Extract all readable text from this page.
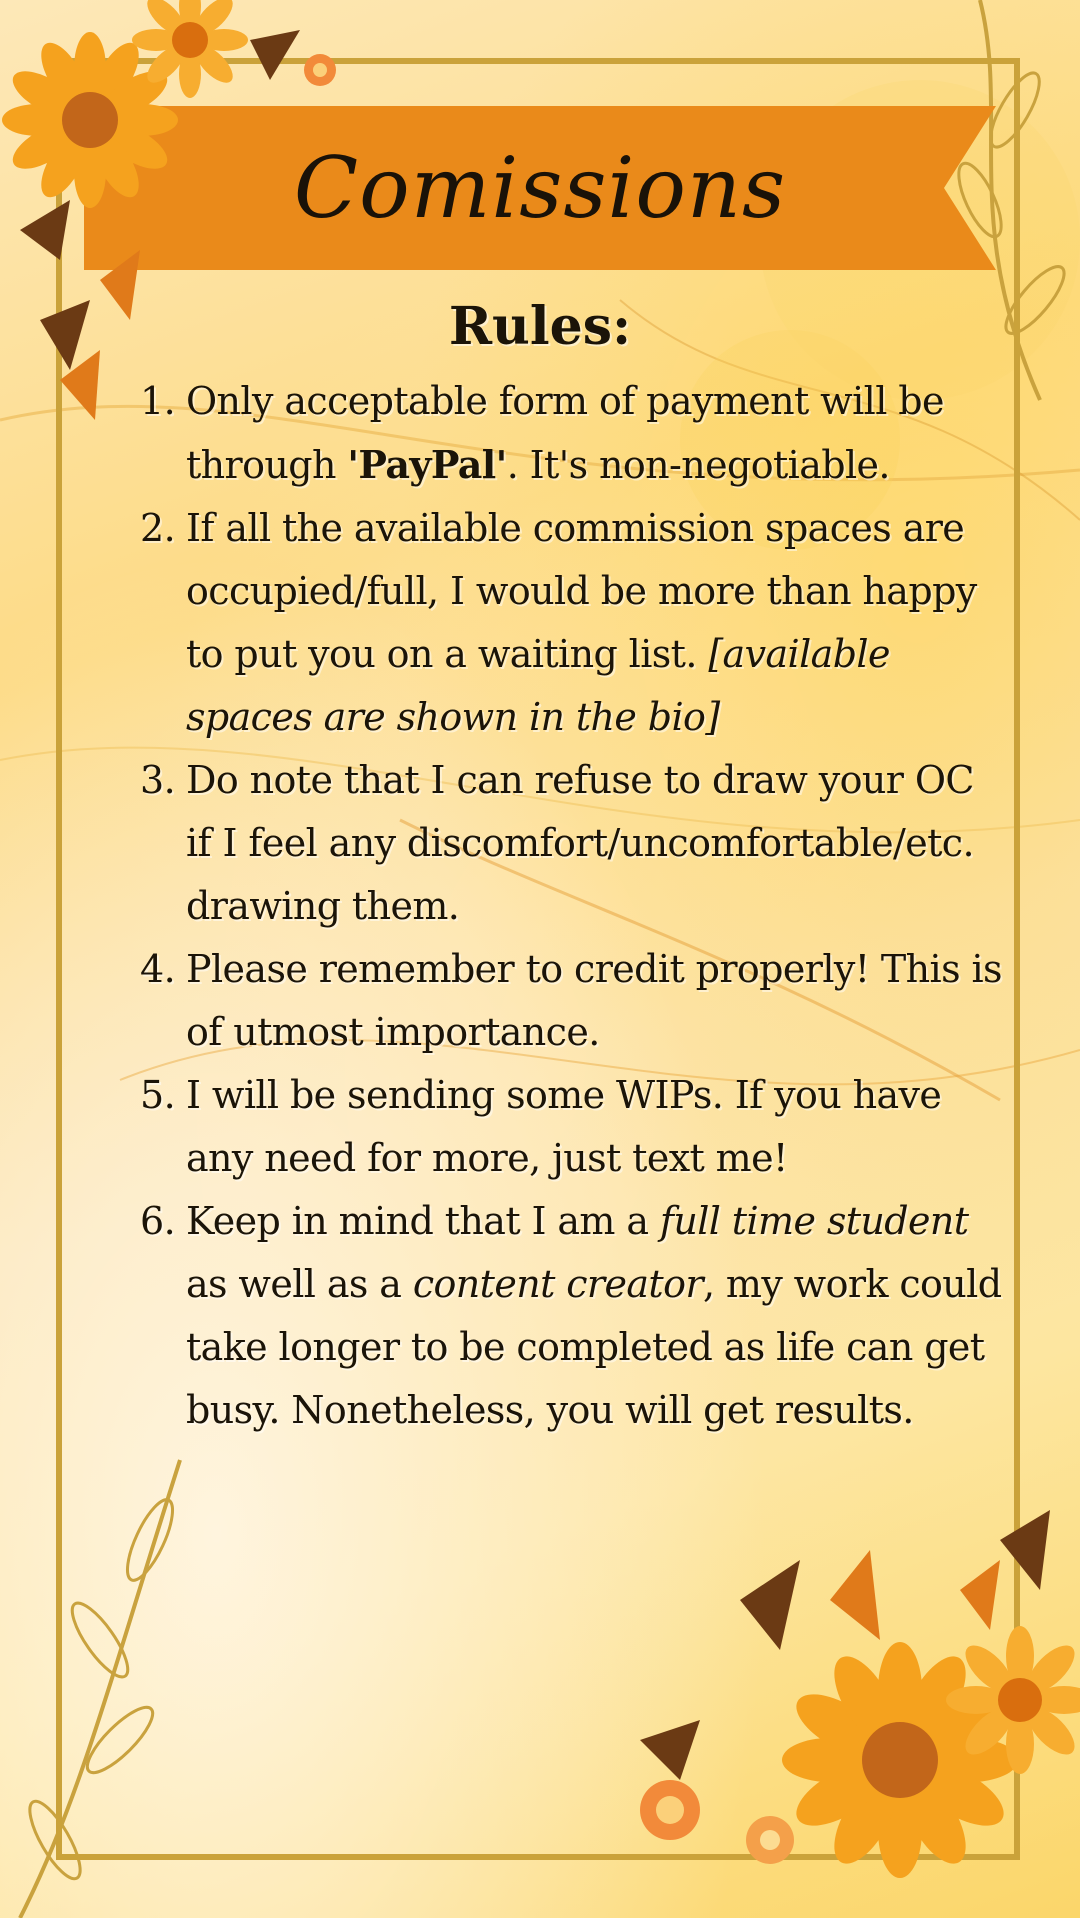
Comissions
Rules:
1. Only acceptable form of payment will be through 'PayPal'. It's non-negotiable.
2. If all the available commission spaces are occupied/full, I would be more than happy to put you on a waiting list. [available spaces are shown in the bio]
3. Do note that I can refuse to draw your OC if I feel any discomfort/uncomfortable/etc. drawing them.
4. Please remember to credit properly! This is of utmost importance.
5. I will be sending some WIPs. If you have any need for more, just text me!
6. Keep in mind that I am a full time student as well as a content creator, my work could take longer to be completed as life can get busy. Nonetheless, you will get results.
